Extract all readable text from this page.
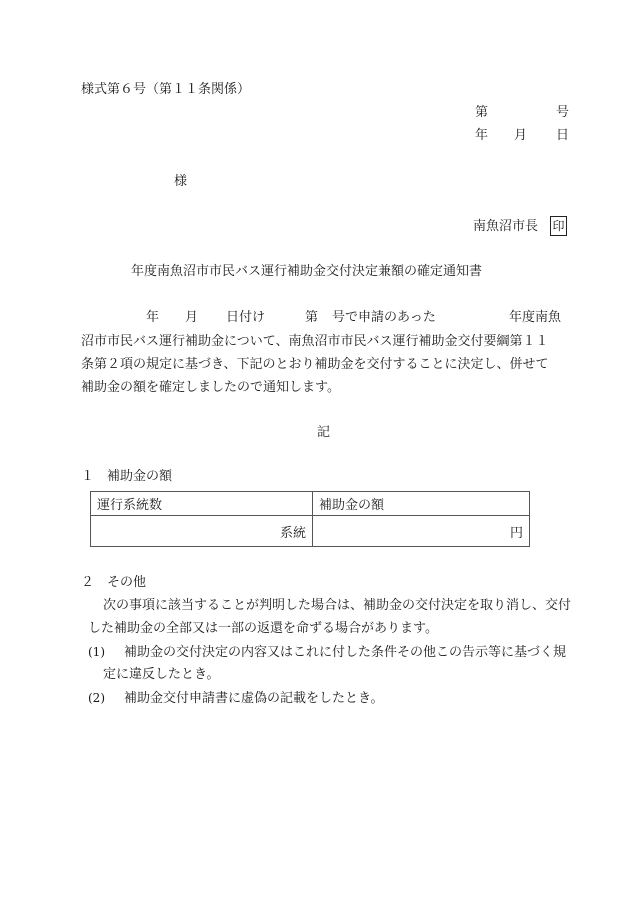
様式第６号（第１１条関係）
第	号
年 月 日
様
南魚沼市長 印
年度南魚沼市市民バス運行補助金交付決定兼額の確定通知書
年 月 日付け	第 号で申請のあった	年度南魚
沼市市民バス運行補助金について、南魚沼市市民バス運行補助金交付要綱第１１
条第２項の規定に基づき、下記のとおり補助金を交付することに決定し、併せて
補助金の額を確定しましたので通知します。
記
１　補助金の額
運行系統数	補助金の額
系統	円
２　その他
次の事項に該当することが判明した場合は、補助金の交付決定を取り消し、交付
した補助金の全部又は一部の返還を命ずる場合があります。
(1) 補助金の交付決定の内容又はこれに付した条件その他この告示等に基づく規
定に違反したとき。
(2) 補助金交付申請書に虚偽の記載をしたとき。
